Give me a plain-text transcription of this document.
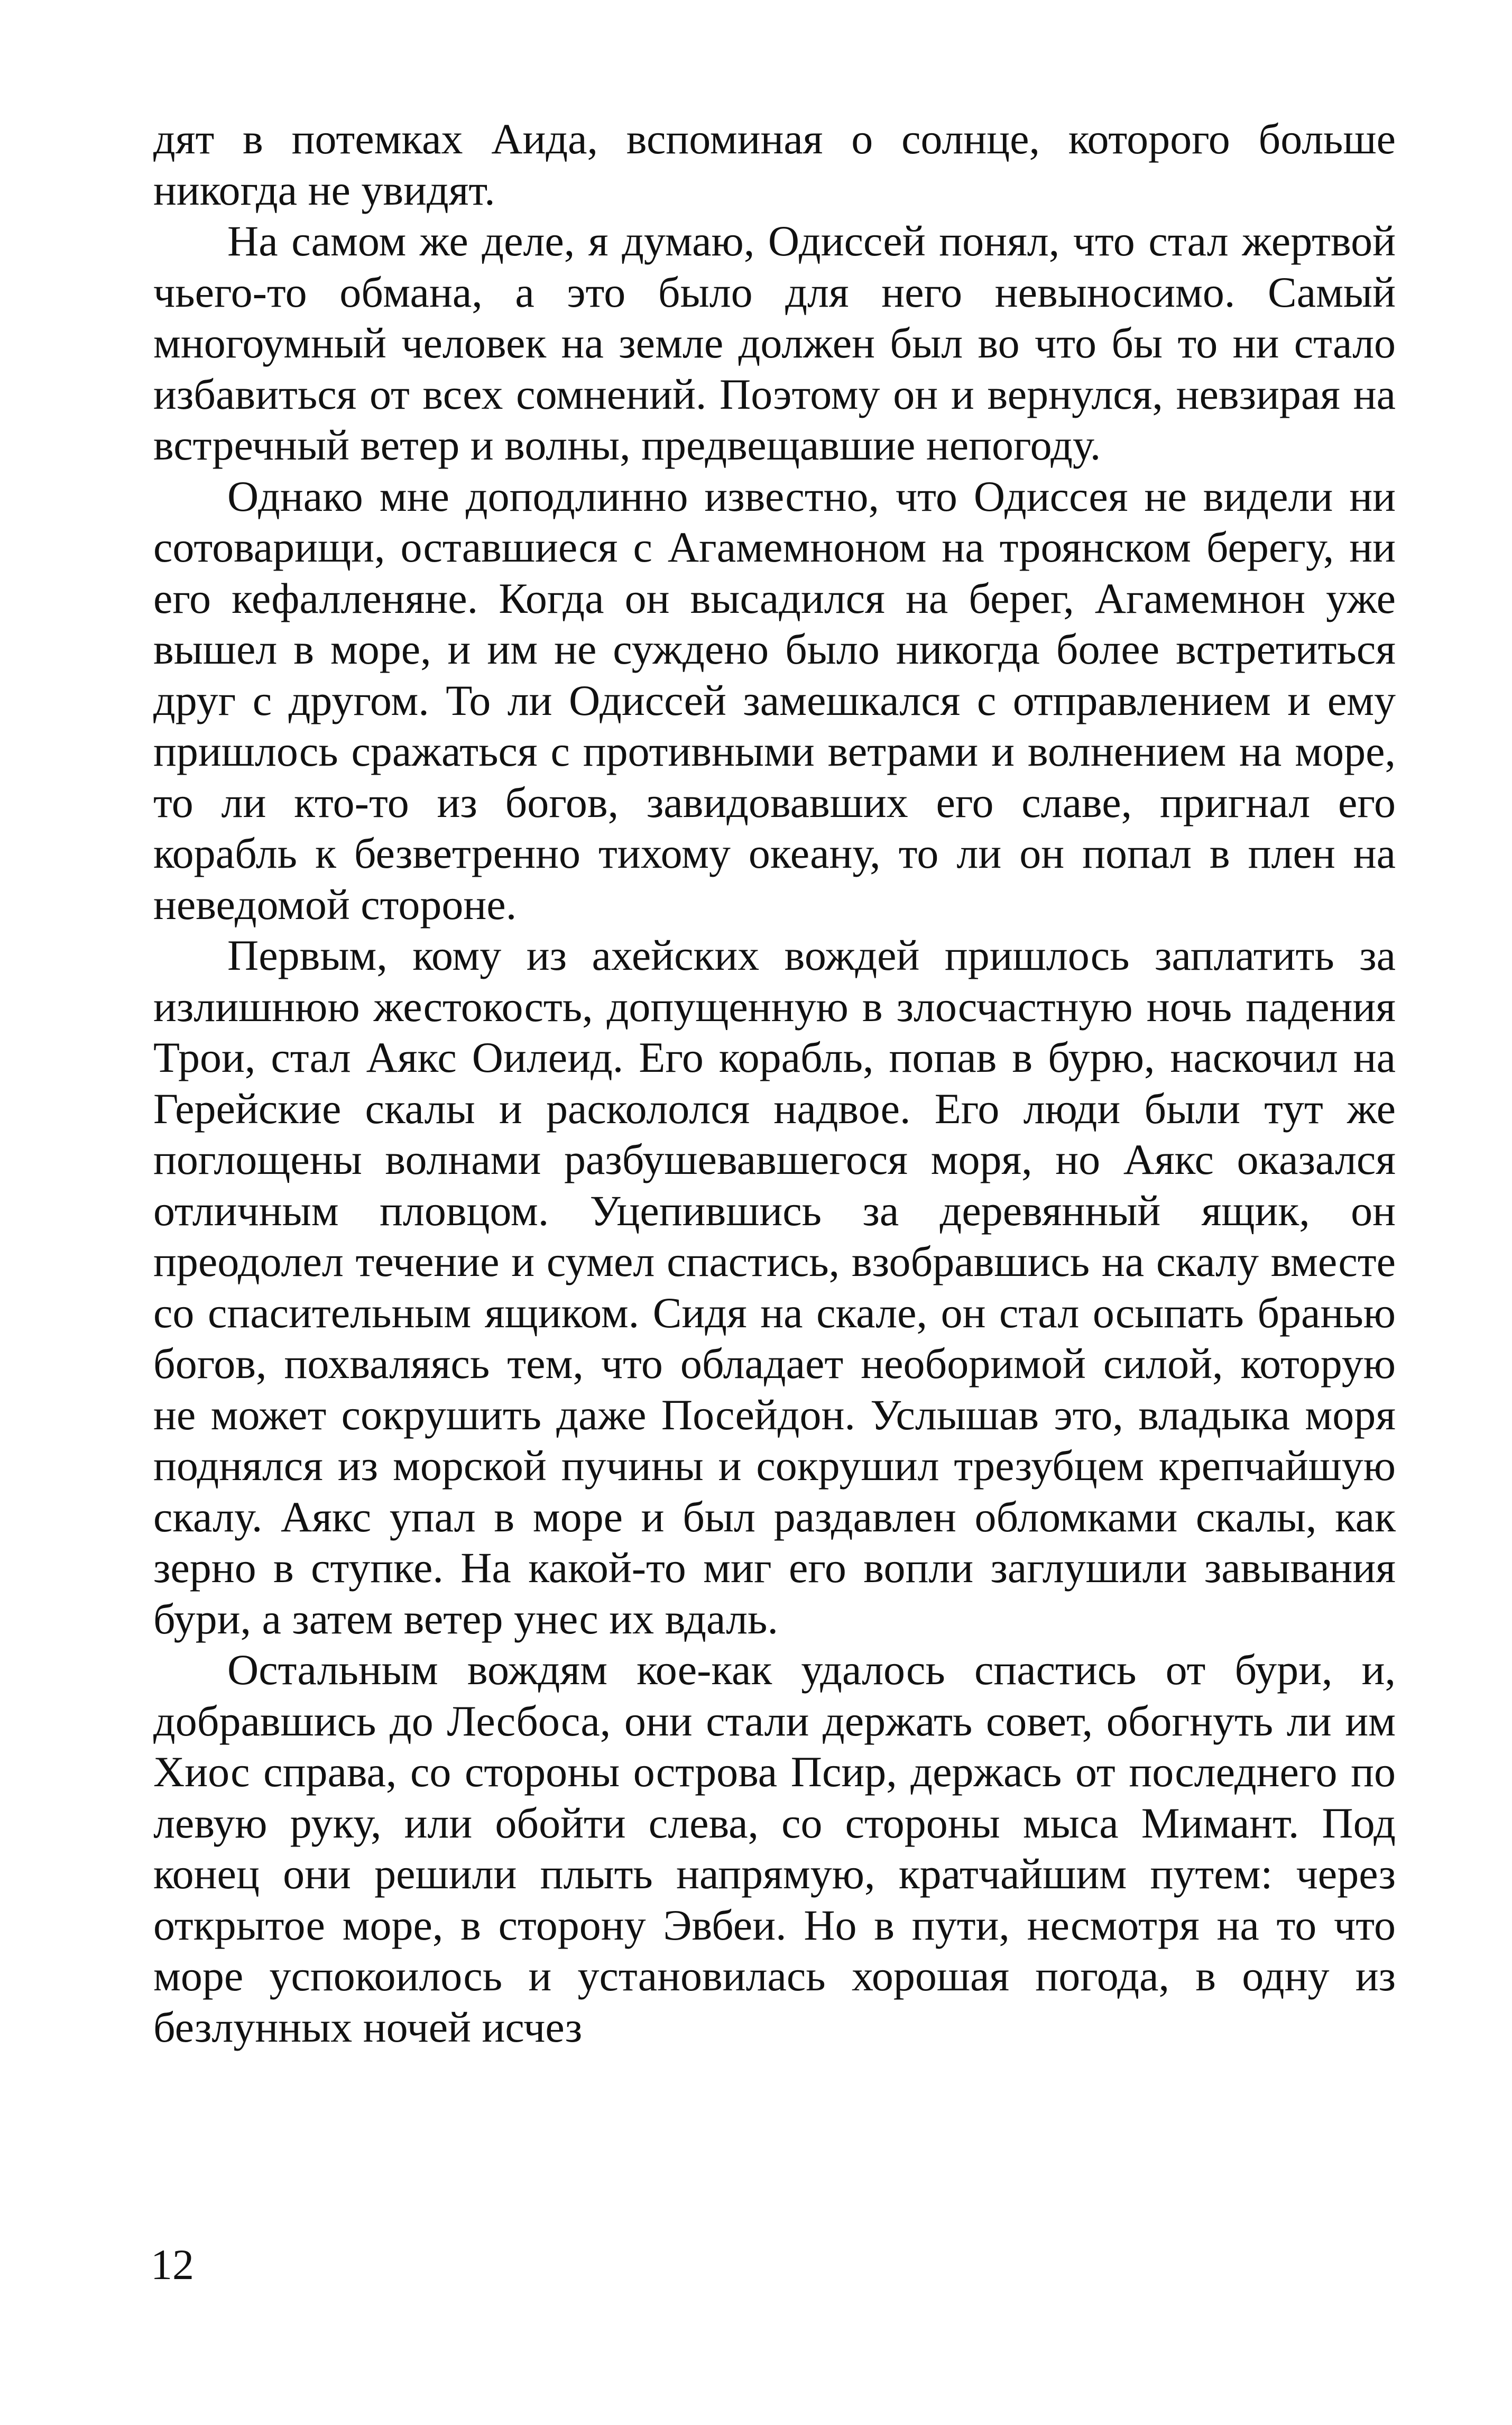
дят в потемках Аида, вспоминая о солнце, которого больше никогда не увидят.

На самом же деле, я думаю, Одиссей понял, что стал жертвой чьего-то обмана, а это было для него невыносимо. Самый многоумный человек на земле должен был во что бы то ни стало избавиться от всех сомнений. Поэтому он и вернулся, невзирая на встречный ветер и волны, предвещавшие непогоду.

Однако мне доподлинно известно, что Одиссея не видели ни сотоварищи, оставшиеся с Агамемноном на троянском берегу, ни его кефалленяне. Когда он высадился на берег, Агамемнон уже вышел в море, и им не суждено было никогда более встретиться друг с другом. То ли Одиссей замешкался с отправлением и ему пришлось сражаться с противными ветрами и волнением на море, то ли кто-то из богов, завидовавших его славе, пригнал его корабль к безветренно тихому океану, то ли он попал в плен на неведомой стороне.

Первым, кому из ахейских вождей пришлось заплатить за излишнюю жестокость, допущенную в злосчастную ночь падения Трои, стал Аякс Оилеид. Его корабль, попав в бурю, наскочил на Герейские скалы и раскололся надвое. Его люди были тут же поглощены волнами разбушевавшегося моря, но Аякс оказался отличным пловцом. Уцепившись за деревянный ящик, он преодолел течение и сумел спастись, взобравшись на скалу вместе со спасительным ящиком. Сидя на скале, он стал осыпать бранью богов, похваляясь тем, что обладает необоримой силой, которую не может сокрушить даже Посейдон. Услышав это, владыка моря поднялся из морской пучины и сокрушил трезубцем крепчайшую скалу. Аякс упал в море и был раздавлен обломками скалы, как зерно в ступке. На какой-то миг его вопли заглушили завывания бури, а затем ветер унес их вдаль.

Остальным вождям кое-как удалось спастись от бури, и, добравшись до Лесбоса, они стали держать совет, обогнуть ли им Хиос справа, со стороны острова Псир, держась от последнего по левую руку, или обойти слева, со стороны мыса Мимант. Под конец они решили плыть напрямую, кратчайшим путем: через открытое море, в сторону Эвбеи. Но в пути, несмотря на то что море успокоилось и установилась хорошая погода, в одну из безлунных ночей исчез

12
